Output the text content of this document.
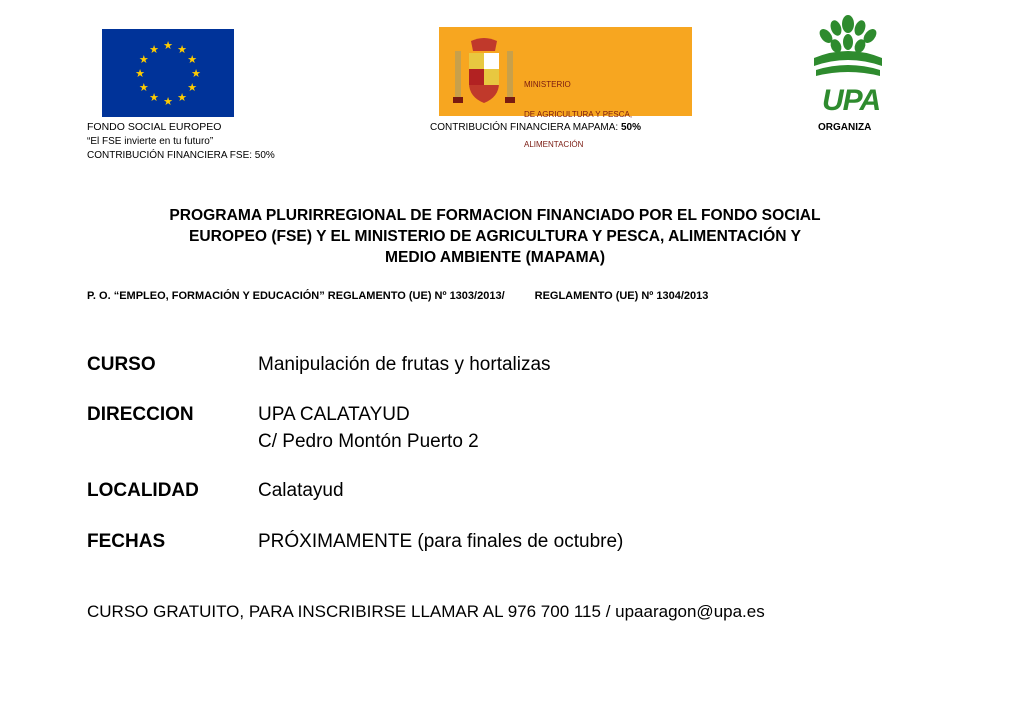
★ ★
★
★
★
★
★
★
★
★
★
★

MINISTERIO

DE AGRICULTURA Y PESCA,

ALIMENTACIÓN

UPA
FONDO SOCIAL EUROPEO
“El FSE invierte en tu futuro”
CONTRIBUCIÓN FINANCIERA FSE: 50%
CONTRIBUCIÓN FINANCIERA MAPAMA: 50%	ORGANIZA
PROGRAMA PLURIRREGIONAL DE FORMACION FINANCIADO POR EL FONDO SOCIAL
EUROPEO (FSE) Y EL MINISTERIO DE AGRICULTURA Y PESCA, ALIMENTACIÓN Y
MEDIO AMBIENTE (MAPAMA)
P. O. “EMPLEO, FORMACIÓN Y EDUCACIÓN” REGLAMENTO (UE) Nº 1303/2013/	REGLAMENTO (UE) Nº 1304/2013
CURSO	Manipulación de frutas y hortalizas
DIRECCION	UPA CALATAYUD
C/ Pedro Montón Puerto 2
LOCALIDAD	Calatayud
FECHAS	PRÓXIMAMENTE (para finales de octubre)
CURSO GRATUITO, PARA INSCRIBIRSE LLAMAR AL 976 700 115 / upaaragon@upa.es
